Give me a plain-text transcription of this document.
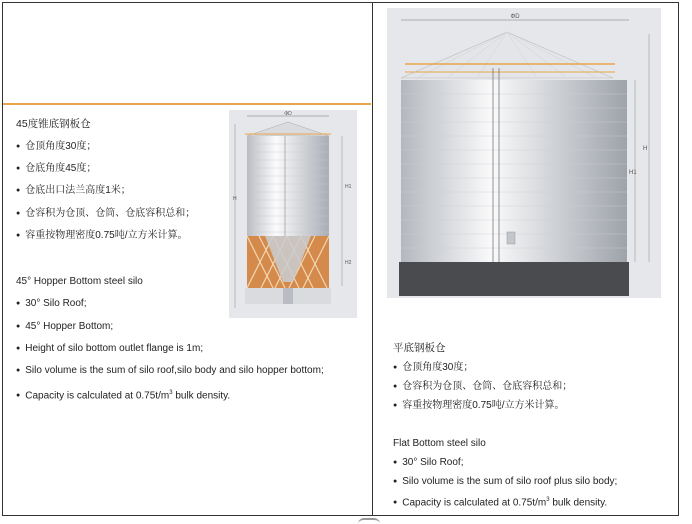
45度锥底钢板仓
● 仓顶角度30度；
● 仓底角度45度；
● 仓底出口法兰高度1米；
● 仓容积为仓顶、仓筒、仓底容积总和；
● 容重按物理密度0.75吨/立方米计算。
45° Hopper Bottom steel silo
● 30° Silo Roof;
● 45° Hopper Bottom;
● Height of silo bottom outlet flange is 1m;
● Silo volume is the sum of silo roof,silo body and silo hopper bottom;
● Capacity is calculated at $0.75t/m^3$ bulk density.
ΦD
H
H1
H2
ΦD
H
H1
平底钢板仓
● 仓顶角度30度；
● 仓容积为仓顶、仓筒、仓底容积总和；
● 容重按物理密度0.75吨/立方米计算。
Flat Bottom steel silo
● 30° Silo Roof;
● Silo volume is the sum of silo roof plus silo body;
● Capacity is calculated at $0.75t/m^3$ bulk density.
